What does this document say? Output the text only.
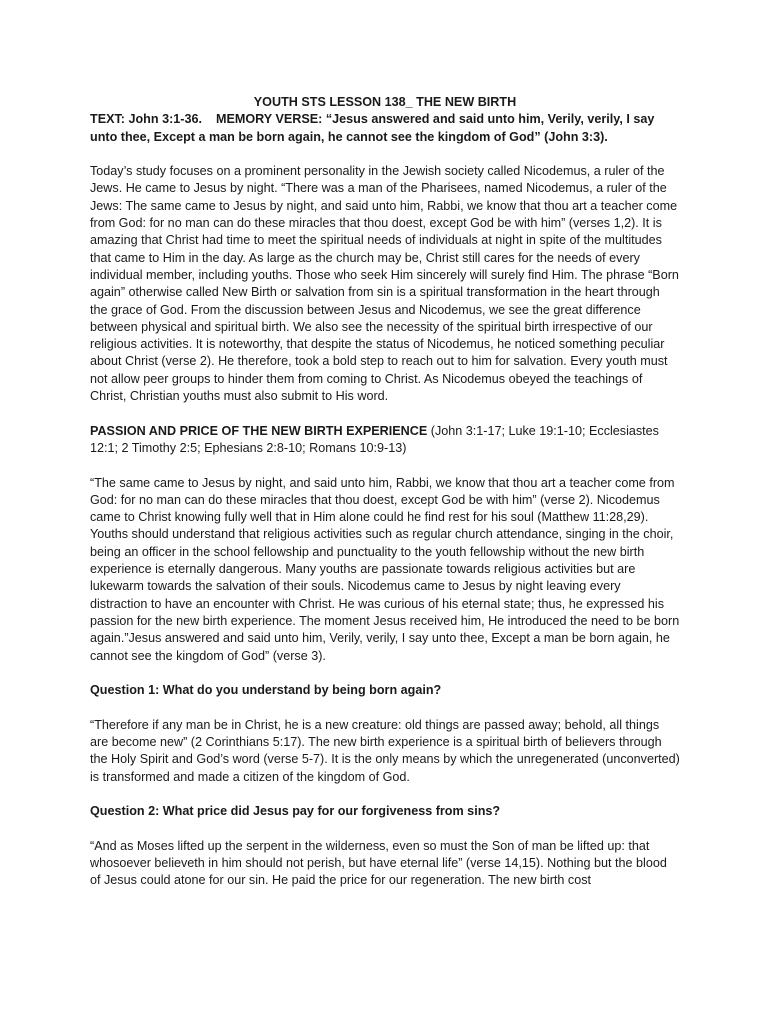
YOUTH STS LESSON 138_ THE NEW BIRTH

TEXT: John 3:1-36. MEMORY VERSE: “Jesus answered and said unto him, Verily, verily, I say unto thee, Except a man be born again, he cannot see the kingdom of God” (John 3:3).

Today’s study focuses on a prominent personality in the Jewish society called Nicodemus, a ruler of the Jews. He came to Jesus by night. “There was a man of the Pharisees, named Nicodemus, a ruler of the Jews: The same came to Jesus by night, and said unto him, Rabbi, we know that thou art a teacher come from God: for no man can do these miracles that thou doest, except God be with him” (verses 1,2). It is amazing that Christ had time to meet the spiritual needs of individuals at night in spite of the multitudes that came to Him in the day. As large as the church may be, Christ still cares for the needs of every individual member, including youths. Those who seek Him sincerely will surely find Him. The phrase “Born again” otherwise called New Birth or salvation from sin is a spiritual transformation in the heart through the grace of God. From the discussion between Jesus and Nicodemus, we see the great difference between physical and spiritual birth. We also see the necessity of the spiritual birth irrespective of our religious activities. It is noteworthy, that despite the status of Nicodemus, he noticed something peculiar about Christ (verse 2). He therefore, took a bold step to reach out to him for salvation. Every youth must not allow peer groups to hinder them from coming to Christ. As Nicodemus obeyed the teachings of Christ, Christian youths must also submit to His word.

PASSION AND PRICE OF THE NEW BIRTH EXPERIENCE (John 3:1-17; Luke 19:1-10; Ecclesiastes 12:1; 2 Timothy 2:5; Ephesians 2:8-10; Romans 10:9-13)

“The same came to Jesus by night, and said unto him, Rabbi, we know that thou art a teacher come from God: for no man can do these miracles that thou doest, except God be with him” (verse 2). Nicodemus came to Christ knowing fully well that in Him alone could he find rest for his soul (Matthew 11:28,29). Youths should understand that religious activities such as regular church attendance, singing in the choir, being an officer in the school fellowship and punctuality to the youth fellowship without the new birth experience is eternally dangerous. Many youths are passionate towards religious activities but are lukewarm towards the salvation of their souls. Nicodemus came to Jesus by night leaving every distraction to have an encounter with Christ. He was curious of his eternal state; thus, he expressed his passion for the new birth experience. The moment Jesus received him, He introduced the need to be born again.”Jesus answered and said unto him, Verily, verily, I say unto thee, Except a man be born again, he cannot see the kingdom of God” (verse 3).

Question 1: What do you understand by being born again?

“Therefore if any man be in Christ, he is a new creature: old things are passed away; behold, all things are become new” (2 Corinthians 5:17). The new birth experience is a spiritual birth of believers through the Holy Spirit and God’s word (verse 5-7). It is the only means by which the unregenerated (unconverted) is transformed and made a citizen of the kingdom of God.

Question 2: What price did Jesus pay for our forgiveness from sins?

“And as Moses lifted up the serpent in the wilderness, even so must the Son of man be lifted up: that whosoever believeth in him should not perish, but have eternal life” (verse 14,15). Nothing but the blood of Jesus could atone for our sin. He paid the price for our regeneration. The new birth cost
